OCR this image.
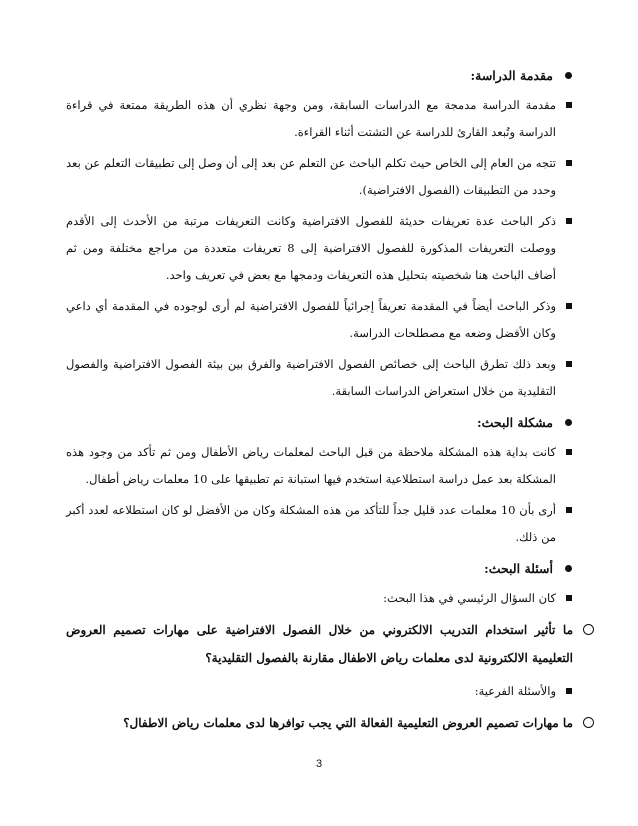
مقدمة الدراسة:
مقدمة الدراسة مدمجة مع الدراسات السابقة، ومن وجهة نظري أن هذه الطريقة ممتعة في قراءة الدراسة وتُبعد القارئ للدراسة عن التشتت أثناء القراءة.
تتجه من العام إلى الخاص حيث تكلم الباحث عن التعلم عن بعد إلى أن وصل إلى تطبيقات التعلم عن بعد وحدد من التطبيقات (الفصول الافتراضية).
ذكر الباحث عدة تعريفات حديثة للفصول الافتراضية وكانت التعريفات مرتبة من الأحدث إلى الأقدم ووصلت التعريفات المذكورة للفصول الافتراضية إلى 8 تعريفات متعددة من مراجع مختلفة ومن ثم أضاف الباحث هنا شخصيته بتحليل هذه التعريفات ودمجها مع بعض في تعريف واحد.
وذكر الباحث أيضاً في المقدمة تعريفاً إجرائياً للفصول الافتراضية لم أرى لوجوده في المقدمة أي داعي وكان الأفضل وضعه مع مصطلحات الدراسة.
وبعد ذلك تطرق الباحث إلى خصائص الفصول الافتراضية والفرق بين بيئة الفصول الافتراضية والفصول التقليدية من خلال استعراض الدراسات السابقة.
مشكلة البحث:
كانت بداية هذه المشكلة ملاحظة من قبل الباحث لمعلمات رياض الأطفال ومن ثم تأكد من وجود هذه المشكلة بعد عمل دراسة استطلاعية استخدم فيها استبانة تم تطبيقها على 10 معلمات رياض أطفال.
أرى بأن 10 معلمات عدد قليل جداً للتأكد من هذه المشكلة وكان من الأفضل لو كان استطلاعه لعدد أكبر من ذلك.
أسئلة البحث:
كان السؤال الرئيسي في هذا البحث:
ما تأثير استخدام التدريب الالكتروني من خلال الفصول الافتراضية على مهارات تصميم العروض التعليمية الالكترونية لدى معلمات رياض الاطفال مقارنة بالفصول التقليدية؟
والأسئلة الفرعية:
ما مهارات تصميم العروض التعليمية الفعالة التي يجب توافرها لدى معلمات رياض الاطفال؟
3
